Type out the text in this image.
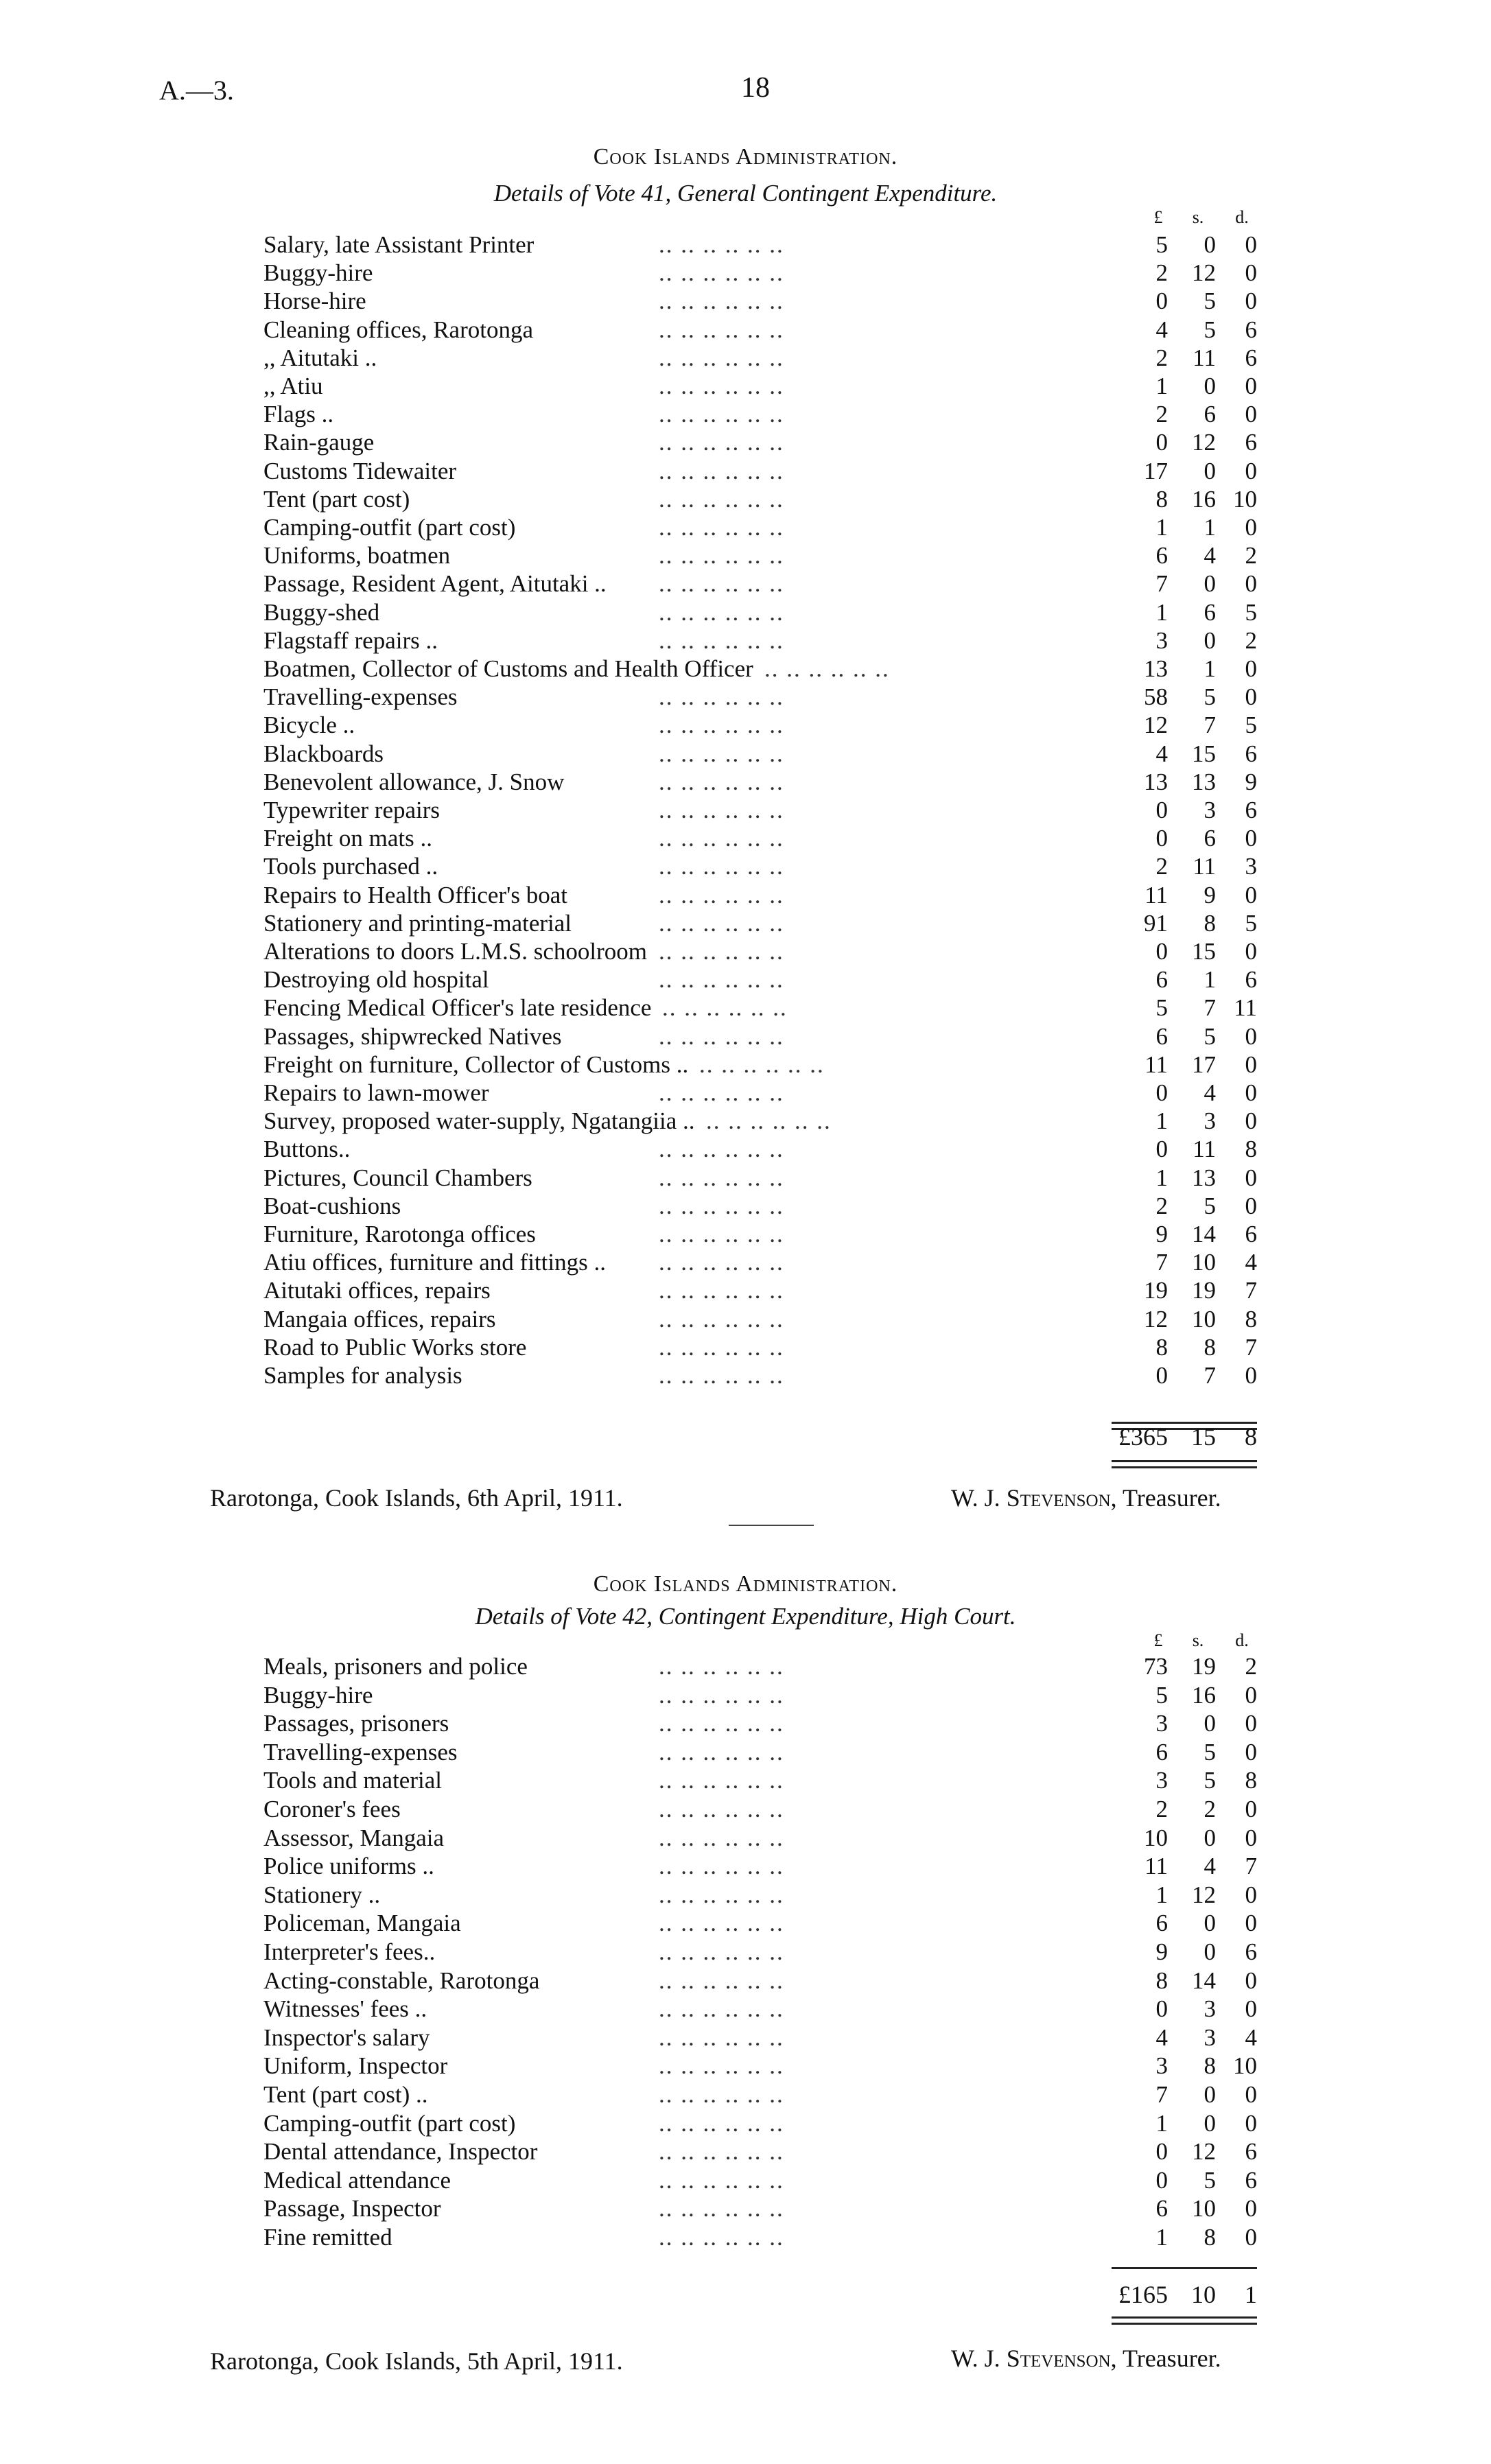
A.—3.	18
Cook Islands Administration.
Details of Vote 41, General Contingent Expenditure.
£	s.	d.
Salary, late Assistant Printer	.. .. .. .. .. ..	5	0	0
Buggy-hire	.. .. .. .. .. ..	2	12	0
Horse-hire	.. .. .. .. .. ..	0	5	0
Cleaning offices, Rarotonga	.. .. .. .. .. ..	4	5	6
,, Aitutaki ..	.. .. .. .. .. ..	2	11	6
,, Atiu	.. .. .. .. .. ..	1	0	0
Flags ..	.. .. .. .. .. ..	2	6	0
Rain-gauge	.. .. .. .. .. ..	0	12	6
Customs Tidewaiter	.. .. .. .. .. ..	17	0	0
Tent (part cost)	.. .. .. .. .. ..	8	16 10
Camping-outfit (part cost)	.. .. .. .. .. ..	1	1	0
Uniforms, boatmen	.. .. .. .. .. ..	6	4	2
Passage, Resident Agent, Aitutaki .. .. .. .. .. .. ..	7	0	0
Buggy-shed	.. .. .. .. .. ..	1	6	5
Flagstaff repairs ..	.. .. .. .. .. ..	3	0	2
Boatmen, Collector of Customs and Health Officer .. .. .. .. .. ..	13	1	0
Travelling-expenses	.. .. .. .. .. ..	58	5	0
Bicycle ..	.. .. .. .. .. ..	12	7	5
Blackboards	.. .. .. .. .. ..	4	15	6
Benevolent allowance, J. Snow	.. .. .. .. .. ..	13	13	9
Typewriter repairs	.. .. .. .. .. ..	0	3	6
Freight on mats ..	.. .. .. .. .. ..	0	6	0
Tools purchased ..	.. .. .. .. .. ..	2	11	3
Repairs to Health Officer's boat	.. .. .. .. .. ..	11	9	0
Stationery and printing-material	.. .. .. .. .. ..	91	8	5
Alterations to doors L.M.S. schoolroom .. .. .. .. .. ..	0	15	0
Destroying old hospital	.. .. .. .. .. ..	6	1	6
Fencing Medical Officer's late residence .. .. .. .. .. ..	5	7 11
Passages, shipwrecked Natives	.. .. .. .. .. ..	6	5	0
Freight on furniture, Collector of Customs .. .. .. .. .. .. ..	11	17	0
Repairs to lawn-mower	.. .. .. .. .. ..	0	4	0
Survey, proposed water-supply, Ngatangiia .. .. .. .. .. .. ..	1	3	0
Buttons..	.. .. .. .. .. ..	0	11	8
Pictures, Council Chambers	.. .. .. .. .. ..	1	13	0
Boat-cushions	.. .. .. .. .. ..	2	5	0
Furniture, Rarotonga offices	.. .. .. .. .. ..	9	14	6
Atiu offices, furniture and fittings .. .. .. .. .. .. ..	7	10	4
Aitutaki offices, repairs	.. .. .. .. .. ..	19	19	7
Mangaia offices, repairs	.. .. .. .. .. ..	12	10	8
Road to Public Works store	.. .. .. .. .. ..	8	8	7
Samples for analysis	.. .. .. .. .. ..	0	7	0
£365 15	8
Rarotonga, Cook Islands, 6th April, 1911.	W. J. Stevenson, Treasurer.
Cook Islands Administration.
Details of Vote 42, Contingent Expenditure, High Court.
£	s.	d.
Meals, prisoners and police	.. .. .. .. .. ..	73	19	2
Buggy-hire	.. .. .. .. .. ..	5	16	0
Passages, prisoners	.. .. .. .. .. ..	3	0	0
Travelling-expenses	.. .. .. .. .. ..	6	5	0
Tools and material	.. .. .. .. .. ..	3	5	8
Coroner's fees	.. .. .. .. .. ..	2	2	0
Assessor, Mangaia	.. .. .. .. .. ..	10	0	0
Police uniforms ..	.. .. .. .. .. ..	11	4	7
Stationery ..	.. .. .. .. .. ..	1	12	0
Policeman, Mangaia	.. .. .. .. .. ..	6	0	0
Interpreter's fees..	.. .. .. .. .. ..	9	0	6
Acting-constable, Rarotonga	.. .. .. .. .. ..	8	14	0
Witnesses' fees ..	.. .. .. .. .. ..	0	3	0
Inspector's salary	.. .. .. .. .. ..	4	3	4
Uniform, Inspector	.. .. .. .. .. ..	3	8 10
Tent (part cost) ..	.. .. .. .. .. ..	7	0	0
Camping-outfit (part cost)	.. .. .. .. .. ..	1	0	0
Dental attendance, Inspector	.. .. .. .. .. ..	0	12	6
Medical attendance	.. .. .. .. .. ..	0	5	6
Passage, Inspector	.. .. .. .. .. ..	6	10	0
Fine remitted	.. .. .. .. .. ..	1	8	0
£165 10	1
Rarotonga, Cook Islands, 5th April, 1911.	W. J. Stevenson, Treasurer.
